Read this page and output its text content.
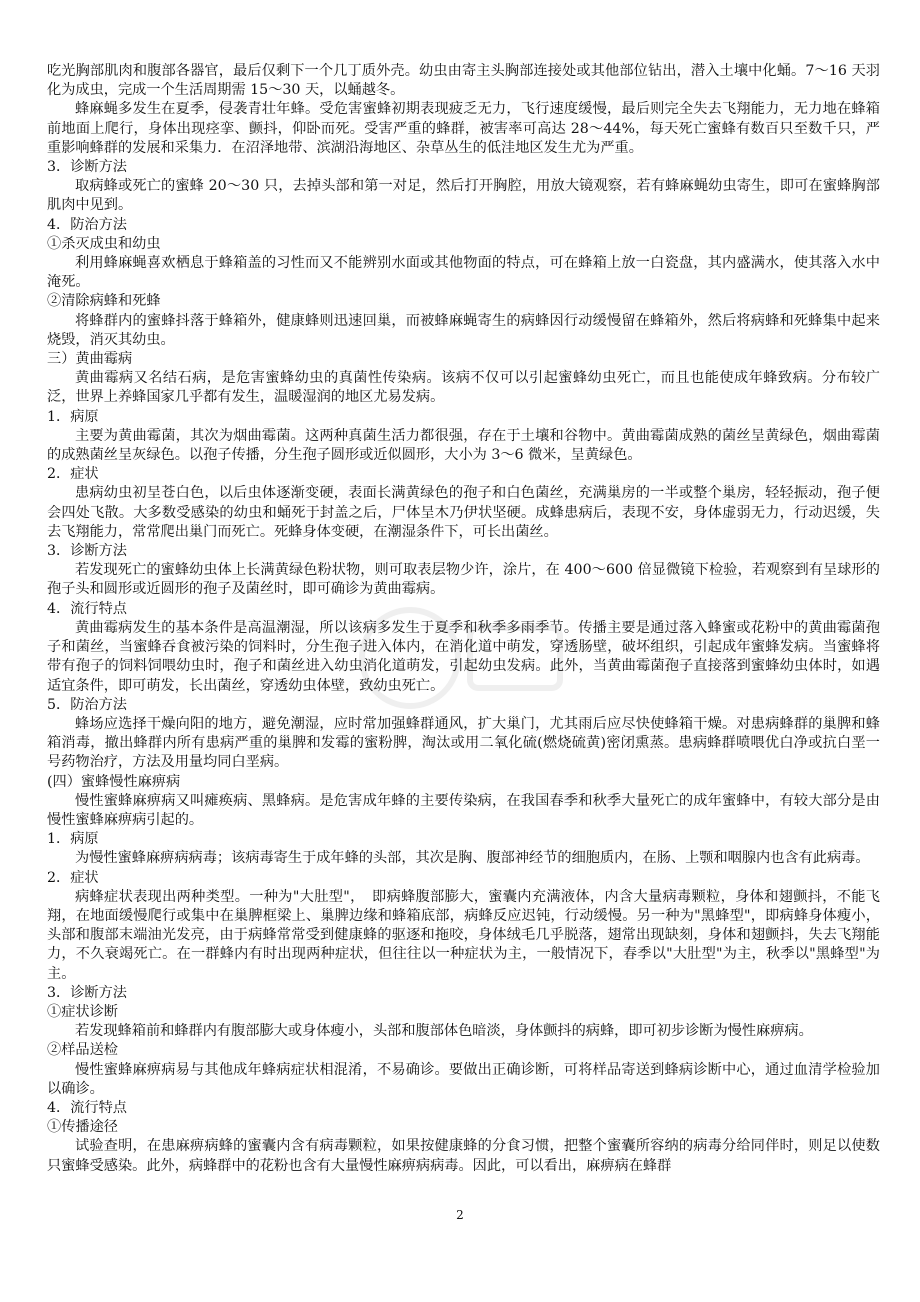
吃光胸部肌肉和腹部各器官，最后仅剩下一个几丁质外壳。幼虫由寄主头胸部连接处或其他部位钻出，潜入土壤中化蛹。7～16 天羽化为成虫，完成一个生活周期需 15～30 天，以蛹越冬。

蜂麻蝇多发生在夏季，侵袭青壮年蜂。受危害蜜蜂初期表现疲乏无力，飞行速度缓慢，最后则完全失去飞翔能力，无力地在蜂箱前地面上爬行，身体出现痉挛、颤抖，仰卧而死。受害严重的蜂群，被害率可高达 28～44%，每天死亡蜜蜂有数百只至数千只，严重影响蜂群的发展和采集力．在沼泽地带、滨湖沿海地区、杂草丛生的低洼地区发生尤为严重。

3．诊断方法

取病蜂或死亡的蜜蜂 20～30 只，去掉头部和第一对足，然后打开胸腔，用放大镜观察，若有蜂麻蝇幼虫寄生，即可在蜜蜂胸部肌肉中见到。

4．防治方法

①杀灭成虫和幼虫

利用蜂麻蝇喜欢栖息于蜂箱盖的习性而又不能辨别水面或其他物面的特点，可在蜂箱上放一白瓷盘，其内盛满水，使其落入水中淹死。

②清除病蜂和死蜂

将蜂群内的蜜蜂抖落于蜂箱外，健康蜂则迅速回巢，而被蜂麻蝇寄生的病蜂因行动缓慢留在蜂箱外，然后将病蜂和死蜂集中起来烧毁，消灭其幼虫。

三）黄曲霉病

黄曲霉病又名结石病，是危害蜜蜂幼虫的真菌性传染病。该病不仅可以引起蜜蜂幼虫死亡，而且也能使成年蜂致病。分布较广泛，世界上养蜂国家几乎都有发生，温暖湿润的地区尤易发病。

1．病原

主要为黄曲霉菌，其次为烟曲霉菌。这两种真菌生活力都很强，存在于土壤和谷物中。黄曲霉菌成熟的菌丝呈黄绿色，烟曲霉菌的成熟菌丝呈灰绿色。以孢子传播，分生孢子圆形或近似圆形，大小为 3～6 微米，呈黄绿色。

2．症状

患病幼虫初呈苍白色，以后虫体逐渐变硬，表面长满黄绿色的孢子和白色菌丝，充满巢房的一半或整个巢房，轻轻振动，孢子便会四处飞散。大多数受感染的幼虫和蛹死于封盖之后，尸体呈木乃伊状坚硬。成蜂患病后，表现不安，身体虚弱无力，行动迟缓，失去飞翔能力，常常爬出巢门而死亡。死蜂身体变硬，在潮湿条件下，可长出菌丝。

3．诊断方法

若发现死亡的蜜蜂幼虫体上长满黄绿色粉状物，则可取表层物少许，涂片，在 400～600 倍显微镜下检验，若观察到有呈球形的孢子头和圆形或近圆形的孢子及菌丝时，即可确诊为黄曲霉病。

4．流行特点

黄曲霉病发生的基本条件是高温潮湿，所以该病多发生于夏季和秋季多雨季节。传播主要是通过落入蜂蜜或花粉中的黄曲霉菌孢子和菌丝，当蜜蜂吞食被污染的饲料时，分生孢子进入体内，在消化道中萌发，穿透肠壁，破坏组织，引起成年蜜蜂发病。当蜜蜂将带有孢子的饲料饲喂幼虫时，孢子和菌丝进入幼虫消化道萌发，引起幼虫发病。此外，当黄曲霉菌孢子直接落到蜜蜂幼虫体时，如遇适宜条件，即可萌发，长出菌丝，穿透幼虫体壁，致幼虫死亡。

5．防治方法

蜂场应选择干燥向阳的地方，避免潮湿，应时常加强蜂群通风，扩大巢门，尤其雨后应尽快使蜂箱干燥。对患病蜂群的巢脾和蜂箱消毒，撤出蜂群内所有患病严重的巢脾和发霉的蜜粉脾，淘汰或用二氧化硫(燃烧硫黄)密闭熏蒸。患病蜂群喷喂优白净或抗白垩一号药物治疗，方法及用量均同白垩病。

(四）蜜蜂慢性麻痹病

慢性蜜蜂麻痹病又叫瘫痪病、黑蜂病。是危害成年蜂的主要传染病，在我国春季和秋季大量死亡的成年蜜蜂中，有较大部分是由慢性蜜蜂麻痹病引起的。

1．病原

为慢性蜜蜂麻痹病病毒；该病毒寄生于成年蜂的头部，其次是胸、腹部神经节的细胞质内，在肠、上颚和咽腺内也含有此病毒。

2．症状

病蜂症状表现出两种类型。一种为"大肚型"，　即病蜂腹部膨大，蜜囊内充满液体，内含大量病毒颗粒，身体和翅颤抖，不能飞翔，在地面缓慢爬行或集中在巢脾框梁上、巢脾边缘和蜂箱底部，病蜂反应迟钝，行动缓慢。另一种为"黑蜂型"，即病蜂身体瘦小，头部和腹部末端油光发亮，由于病蜂常常受到健康蜂的驱逐和拖咬，身体绒毛几乎脱落，翅常出现缺刻，身体和翅颤抖，失去飞翔能力，不久衰竭死亡。在一群蜂内有时出现两种症状，但往往以一种症状为主，一般情况下，春季以"大肚型"为主，秋季以"黑蜂型"为主。

3．诊断方法

①症状诊断

若发现蜂箱前和蜂群内有腹部膨大或身体瘦小，头部和腹部体色暗淡，身体颤抖的病蜂，即可初步诊断为慢性麻痹病。

②样品送检

慢性蜜蜂麻痹病易与其他成年蜂病症状相混淆，不易确诊。要做出正确诊断，可将样品寄送到蜂病诊断中心，通过血清学检验加以确诊。

4．流行特点

①传播途径

试验查明，在患麻痹病蜂的蜜囊内含有病毒颗粒，如果按健康蜂的分食习惯，把整个蜜囊所容纳的病毒分给同伴时，则足以使数只蜜蜂受感染。此外，病蜂群中的花粉也含有大量慢性麻痹病病毒。因此，可以看出，麻痹病在蜂群

2
